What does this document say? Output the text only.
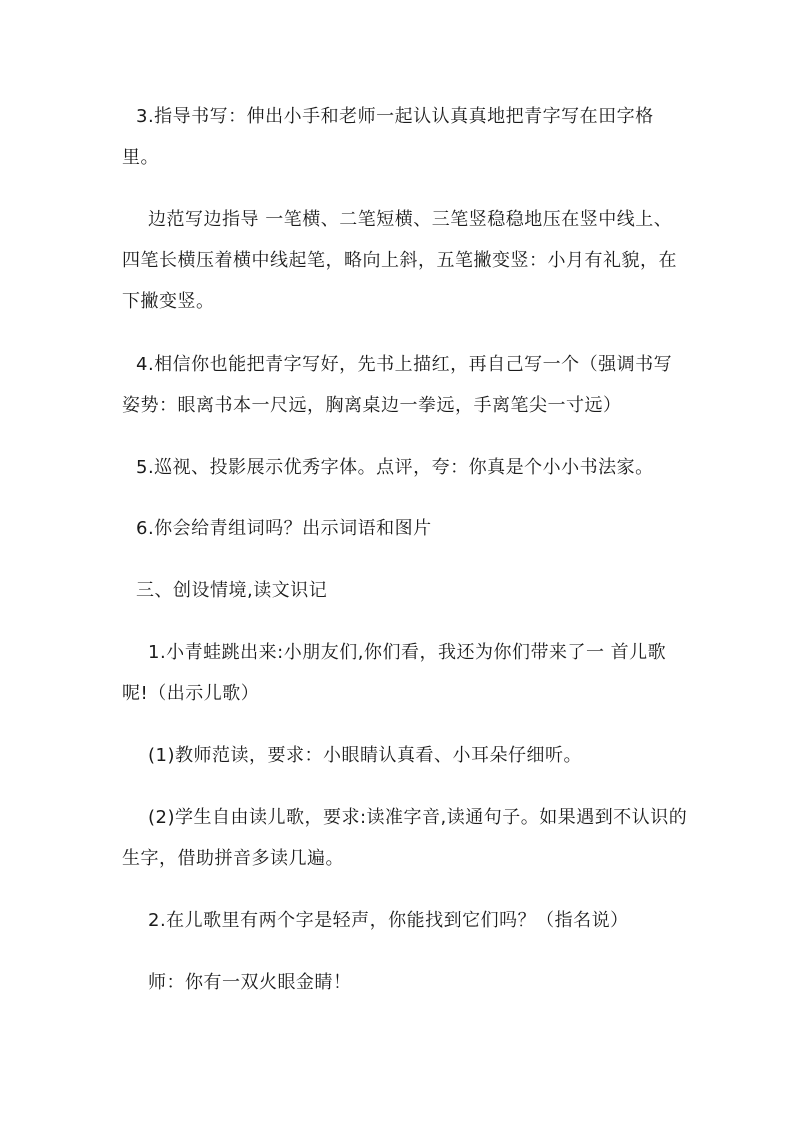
3.指导书写：伸出小手和老师一起认认真真地把青字写在田字格
里。
边范写边指导 一笔横、二笔短横、三笔竖稳稳地压在竖中线上、
四笔长横压着横中线起笔，略向上斜，五笔撇变竖：小月有礼貌，在
下撇变竖。
4.相信你也能把青字写好，先书上描红，再自己写一个（强调书写
姿势：眼离书本一尺远，胸离桌边一拳远，手离笔尖一寸远）
5.巡视、投影展示优秀字体。点评，夸：你真是个小小书法家。
6.你会给青组词吗？出示词语和图片
三、创设情境,读文识记
1.小青蛙跳出来:小朋友们,你们看，我还为你们带来了一 首儿歌
呢!（出示儿歌）
(1)教师范读，要求：小眼睛认真看、小耳朵仔细听。
(2)学生自由读儿歌，要求:读准字音,读通句子。如果遇到不认识的
生字，借助拼音多读几遍。
2.在儿歌里有两个字是轻声，你能找到它们吗？（指名说）
师：你有一双火眼金睛！
